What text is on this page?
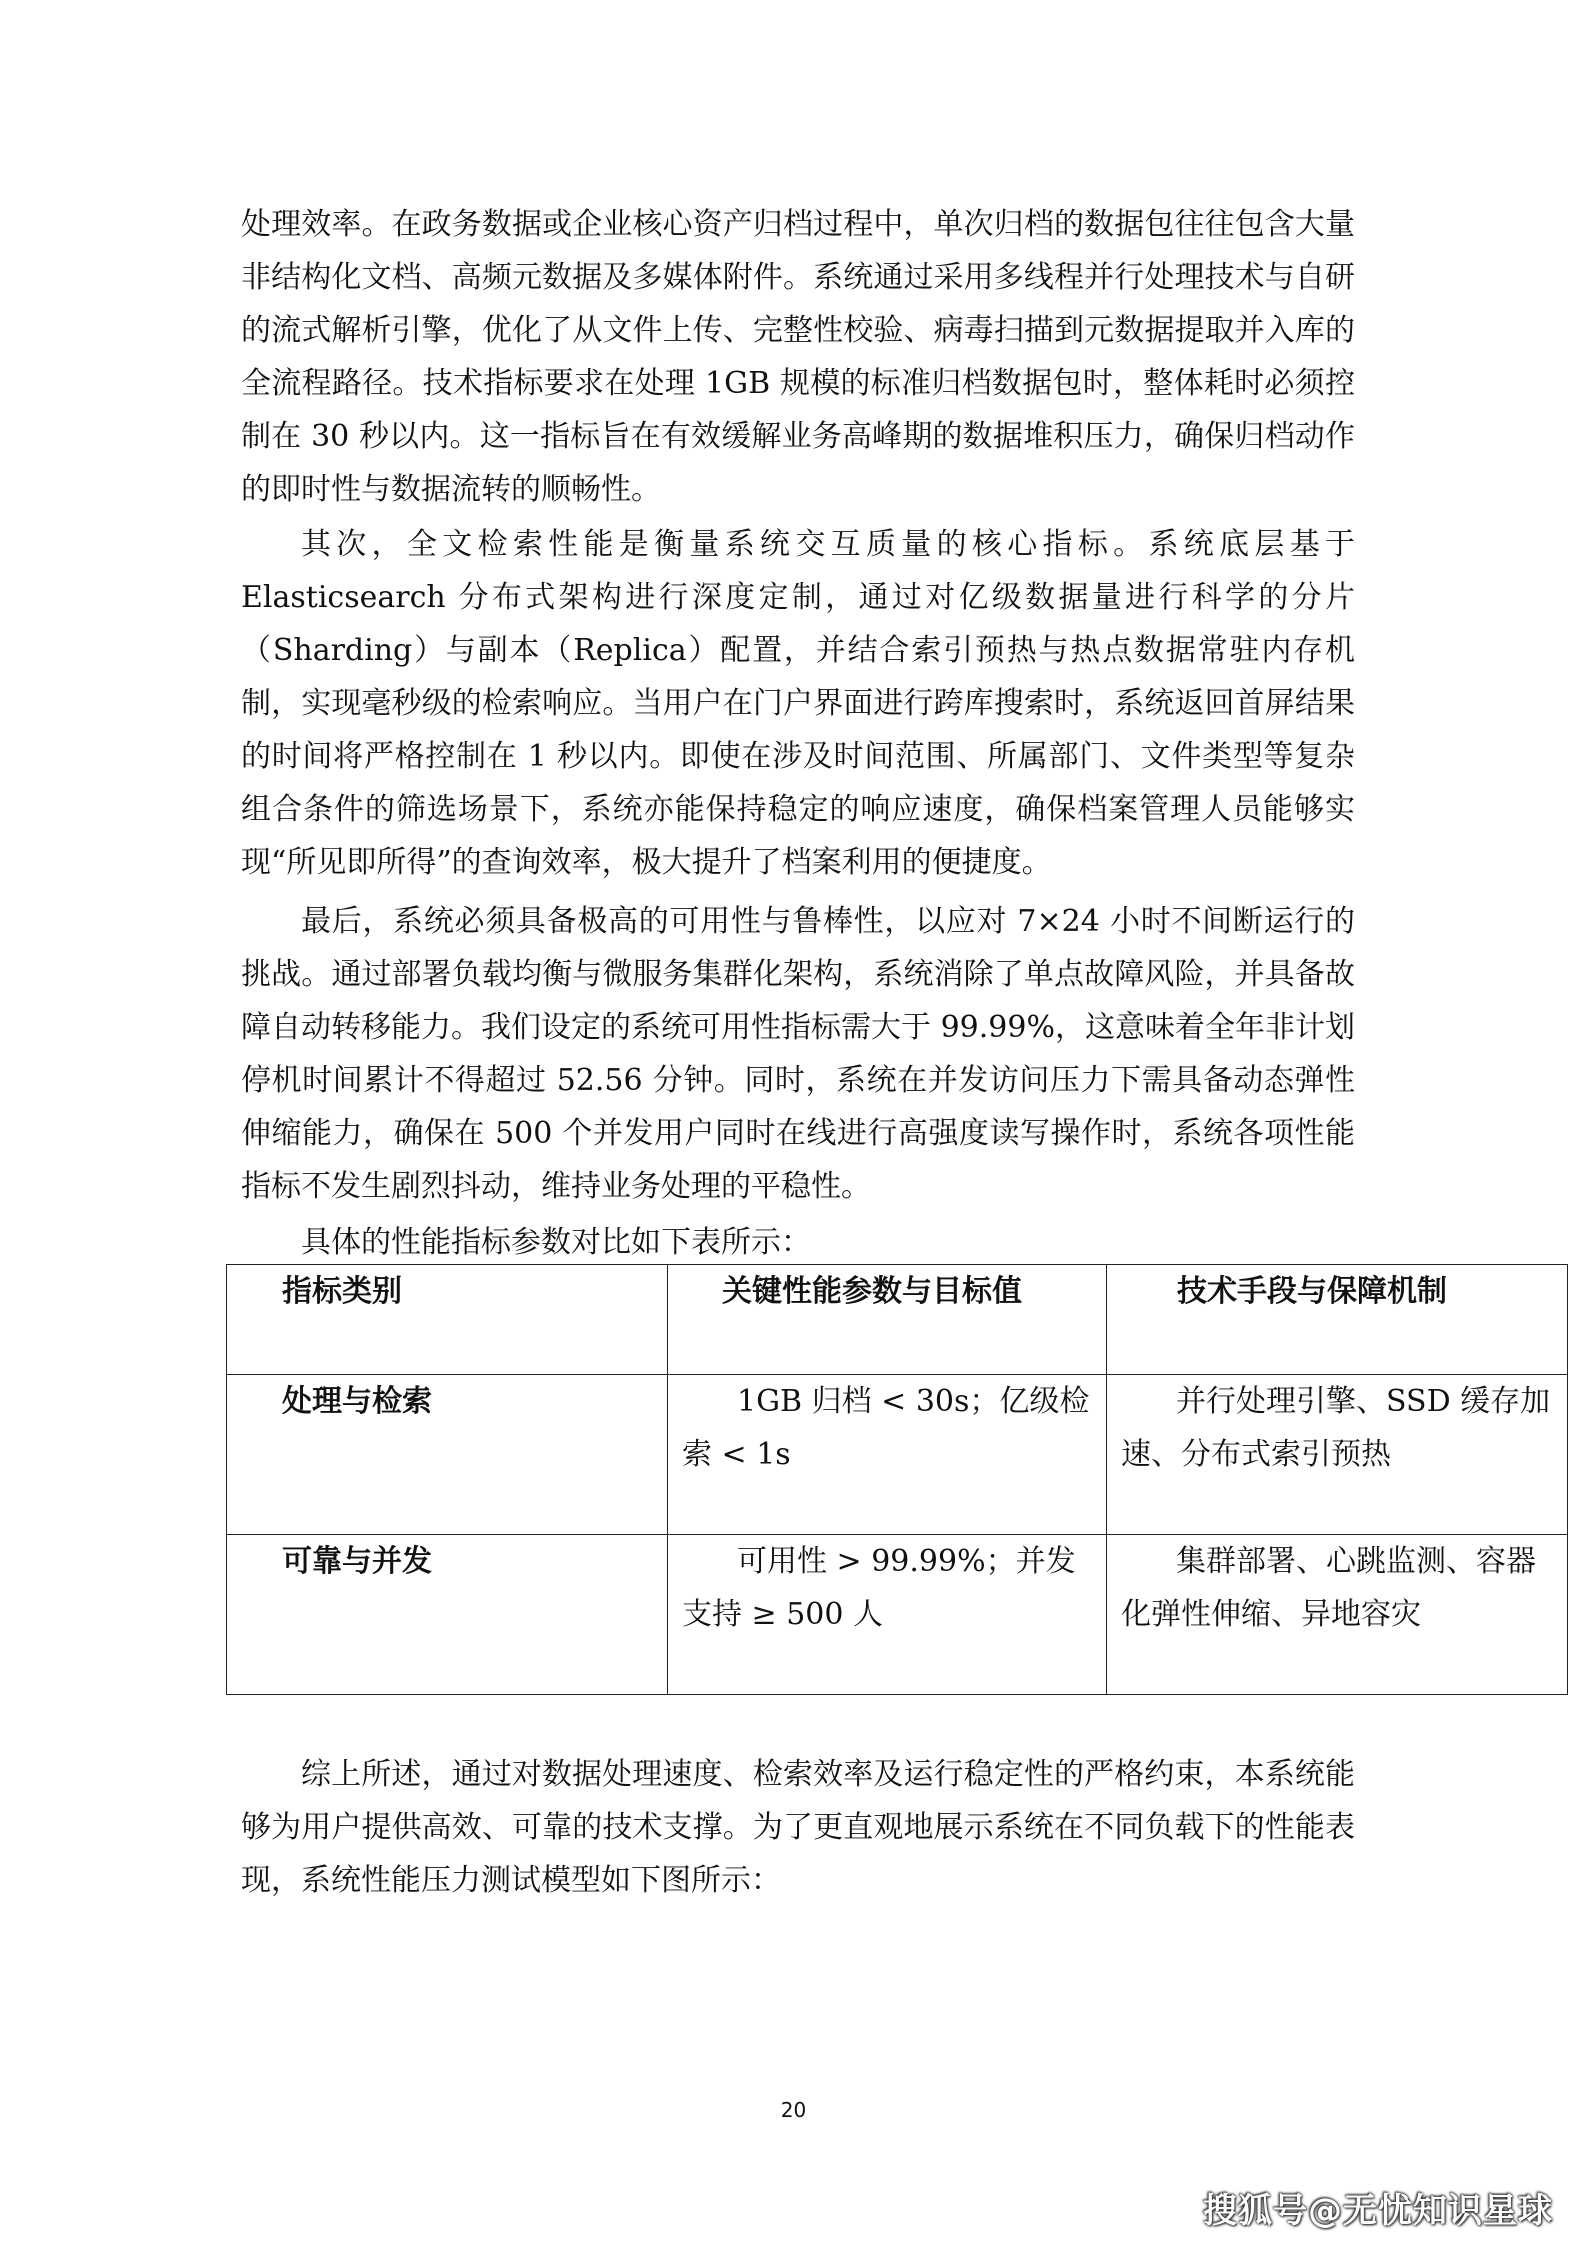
处理效率。在政务数据或企业核心资产归档过程中，单次归档的数据包往往包含大量非结构化文档、高频元数据及多媒体附件。系统通过采用多线程并行处理技术与自研的流式解析引擎，优化了从文件上传、完整性校验、病毒扫描到元数据提取并入库的全流程路径。技术指标要求在处理 1GB 规模的标准归档数据包时，整体耗时必须控制在 30 秒以内。这一指标旨在有效缓解业务高峰期的数据堆积压力，确保归档动作的即时性与数据流转的顺畅性。

其次，全文检索性能是衡量系统交互质量的核心指标。系统底层基于 Elasticsearch 分布式架构进行深度定制，通过对亿级数据量进行科学的分片（Sharding）与副本（Replica）配置，并结合索引预热与热点数据常驻内存机制，实现毫秒级的检索响应。当用户在门户界面进行跨库搜索时，系统返回首屏结果的时间将严格控制在 1 秒以内。即使在涉及时间范围、所属部门、文件类型等复杂组合条件的筛选场景下，系统亦能保持稳定的响应速度，确保档案管理人员能够实现“所见即所得”的查询效率，极大提升了档案利用的便捷度。

最后，系统必须具备极高的可用性与鲁棒性，以应对 7×24 小时不间断运行的挑战。通过部署负载均衡与微服务集群化架构，系统消除了单点故障风险，并具备故障自动转移能力。我们设定的系统可用性指标需大于 99.99%，这意味着全年非计划停机时间累计不得超过 52.56 分钟。同时，系统在并发访问压力下需具备动态弹性伸缩能力，确保在 500 个并发用户同时在线进行高强度读写操作时，系统各项性能指标不发生剧烈抖动，维持业务处理的平稳性。

具体的性能指标参数对比如下表所示：

指标类别	关键性能参数与目标值	技术手段与保障机制
处理与检索	1GB 归档 < 30s；亿级检索 < 1s	并行处理引擎、SSD 缓存加速、分布式索引预热
可靠与并发	可用性 > 99.99%；并发支持 ≥ 500 人	集群部署、心跳监测、容器化弹性伸缩、异地容灾

综上所述，通过对数据处理速度、检索效率及运行稳定性的严格约束，本系统能够为用户提供高效、可靠的技术支撑。为了更直观地展示系统在不同负载下的性能表现，系统性能压力测试模型如下图所示：

20
搜狐号@无忧知识星球
